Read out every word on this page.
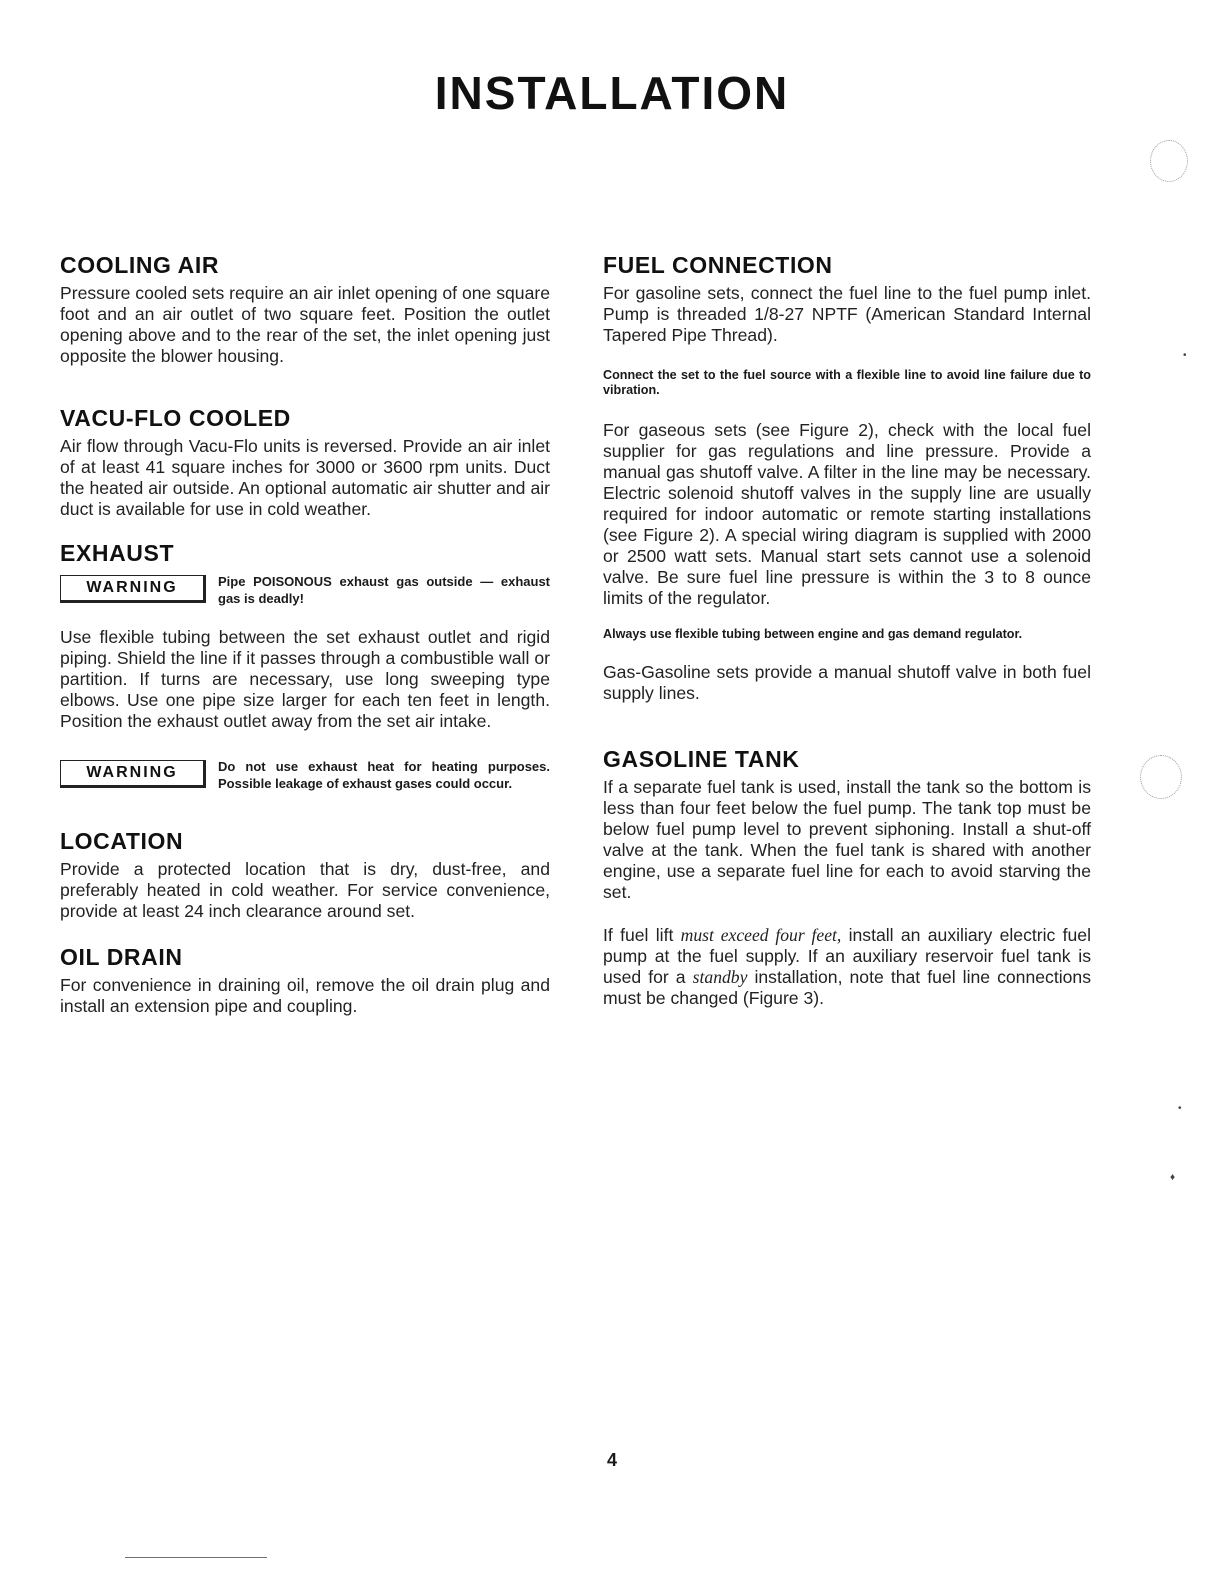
INSTALLATION
COOLING AIR

Pressure cooled sets require an air inlet opening of one square foot and an air outlet of two square feet. Position the outlet opening above and to the rear of the set, the inlet opening just opposite the blower housing.

VACU-FLO COOLED

Air flow through Vacu-Flo units is reversed. Provide an air inlet of at least 41 square inches for 3000 or 3600 rpm units. Duct the heated air outside. An optional automatic air shutter and air duct is available for use in cold weather.

EXHAUST
WARNING	Pipe POISONOUS exhaust gas outside — exhaust gas is deadly!

Use flexible tubing between the set exhaust outlet and rigid piping. Shield the line if it passes through a combustible wall or partition. If turns are necessary, use long sweeping type elbows. Use one pipe size larger for each ten feet in length. Position the exhaust outlet away from the set air intake.

WARNING	Do not use exhaust heat for heating purposes. Possible leakage of exhaust gases could occur.
LOCATION

Provide a protected location that is dry, dust-free, and preferably heated in cold weather. For service convenience, provide at least 24 inch clearance around set.

OIL DRAIN

For convenience in draining oil, remove the oil drain plug and install an extension pipe and coupling.

FUEL CONNECTION

For gasoline sets, connect the fuel line to the fuel pump inlet. Pump is threaded 1/8-27 NPTF (American Standard Internal Tapered Pipe Thread).

Connect the set to the fuel source with a flexible line to avoid line failure due to vibration.

For gaseous sets (see Figure 2), check with the local fuel supplier for gas regulations and line pressure. Provide a manual gas shutoff valve. A filter in the line may be necessary. Electric solenoid shutoff valves in the supply line are usually required for indoor automatic or remote starting installations (see Figure 2). A special wiring diagram is supplied with 2000 or 2500 watt sets. Manual start sets cannot use a solenoid valve. Be sure fuel line pressure is within the 3 to 8 ounce limits of the regulator.

Always use flexible tubing between engine and gas demand regulator.

Gas-Gasoline sets provide a manual shutoff valve in both fuel supply lines.

GASOLINE TANK

If a separate fuel tank is used, install the tank so the bottom is less than four feet below the fuel pump. The tank top must be below fuel pump level to prevent siphoning. Install a shut-off valve at the tank. When the fuel tank is shared with another engine, use a separate fuel line for each to avoid starving the set.

If fuel lift must exceed four feet, install an auxiliary electric fuel pump at the fuel supply. If an auxiliary reservoir fuel tank is used for a standby installation, note that fuel line connections must be changed (Figure 3).

4
•
•
♦
